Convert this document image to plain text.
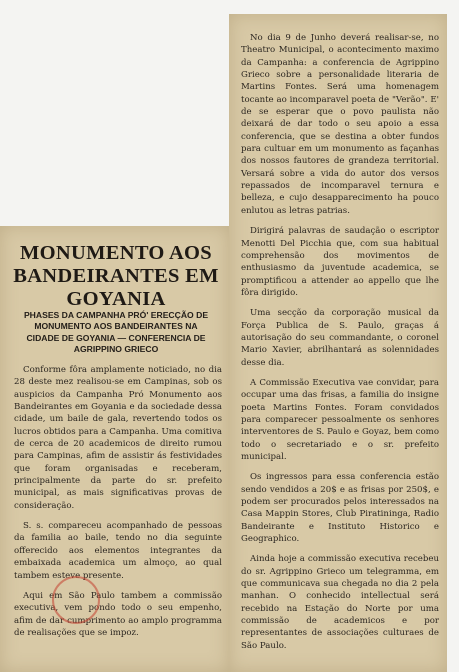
MONUMENTO AOS BANDEIRANTES EM GOYANIA
PHASES DA CAMPANHA PRÓ' ERECÇÃO DE MONUMENTO AOS BANDEIRANTES NA CIDADE DE GOYANIA — CONFERENCIA DE AGRIPPINO GRIECO

Conforme fôra amplamente noticiado, no dia 28 deste mez realisou-se em Campinas, sob os auspicios da Campanha Pró Monumento aos Bandeirantes em Goyania e da sociedade dessa cidade, um baile de gala, revertendo todos os lucros obtidos para a Campanha. Uma comitiva de cerca de 20 academicos de direito rumou para Campinas, afim de assistir ás festividades que foram organisadas e receberam, principalmente da parte do sr. prefeito municipal, as mais significativas provas de consideração.

S. s. compareceu acompanhado de pessoas da familia ao baile, tendo no dia seguinte offerecido aos elementos integrantes da embaixada academica um almoço, ao qual tambem esteve presente.

Aqui em São Paulo tambem a commissão executiva, vem pondo todo o seu empenho, afim de dar cumprimento ao amplo programma de realisações que se impoz.

No dia 9 de Junho deverá realisar-se, no Theatro Municipal, o acontecimento maximo da Campanha: a conferencia de Agrippino Grieco sobre a personalidade literaria de Martins Fontes. Será uma homenagem tocante ao incomparavel poeta de "Verão". E' de se esperar que o povo paulista não deixará de dar todo o seu apoio a essa conferencia, que se destina a obter fundos para cultuar em um monumento as façanhas dos nossos fautores de grandeza territorial. Versará sobre a vida do autor dos versos repassados de incomparavel ternura e belleza, e cujo desapparecimento ha pouco enlutou as letras patrias.

Dirigirá palavras de saudação o escriptor Menotti Del Picchia que, com sua habitual comprehensão dos movimentos de enthusiasmo da juventude academica, se promptificou a attender ao appello que lhe fôra dirigido.

Uma secção da corporação musical da Força Publica de S. Paulo, graças á autorisação do seu commandante, o coronel Mario Xavier, abrilhantará as solennidades desse dia.

A Commissão Executiva vae convidar, para occupar uma das frisas, a familia do insigne poeta Martins Fontes. Foram convidados para comparecer pessoalmente os senhores interventores de S. Paulo e Goyaz, bem como todo o secretariado e o sr. prefeito municipal.

Os ingressos para essa conferencia estão sendo vendidos a 20$ e as frisas por 250$, e podem ser procurados pelos interessados na Casa Mappin Stores, Club Piratininga, Radio Bandeirante e Instituto Historico e Geographico.

Ainda hoje a commissão executiva recebeu do sr. Agrippino Grieco um telegramma, em que communicava sua chegada no dia 2 pela manhan. O conhecido intellectual será recebido na Estação do Norte por uma commissão de academicos e por representantes de associações culturaes de São Paulo.
